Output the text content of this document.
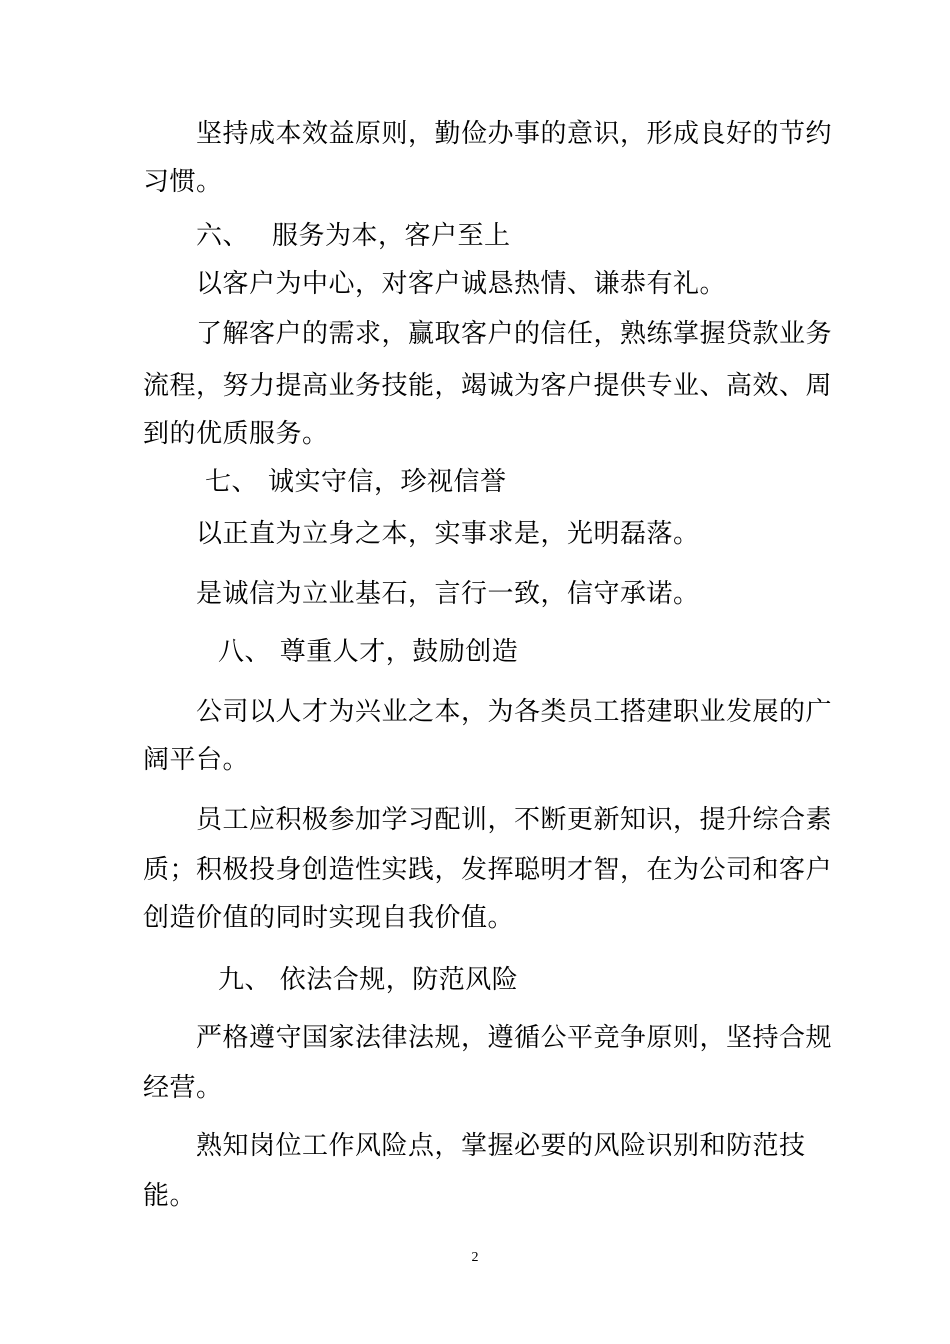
坚持成本效益原则，勤俭办事的意识，形成良好的节约

习惯。

六、 服务为本，客户至上

以客户为中心，对客户诚恳热情、谦恭有礼。

了解客户的需求，赢取客户的信任，熟练掌握贷款业务

流程，努力提高业务技能，竭诚为客户提供专业、高效、周

到的优质服务。

七、 诚实守信，珍视信誉

以正直为立身之本，实事求是，光明磊落。

是诚信为立业基石，言行一致，信守承诺。

八、 尊重人才，鼓励创造

公司以人才为兴业之本，为各类员工搭建职业发展的广

阔平台。

员工应积极参加学习配训，不断更新知识，提升综合素

质；积极投身创造性实践，发挥聪明才智，在为公司和客户

创造价值的同时实现自我价值。

九、 依法合规，防范风险

严格遵守国家法律法规，遵循公平竞争原则，坚持合规

经营。

熟知岗位工作风险点，掌握必要的风险识别和防范技

能。

2
